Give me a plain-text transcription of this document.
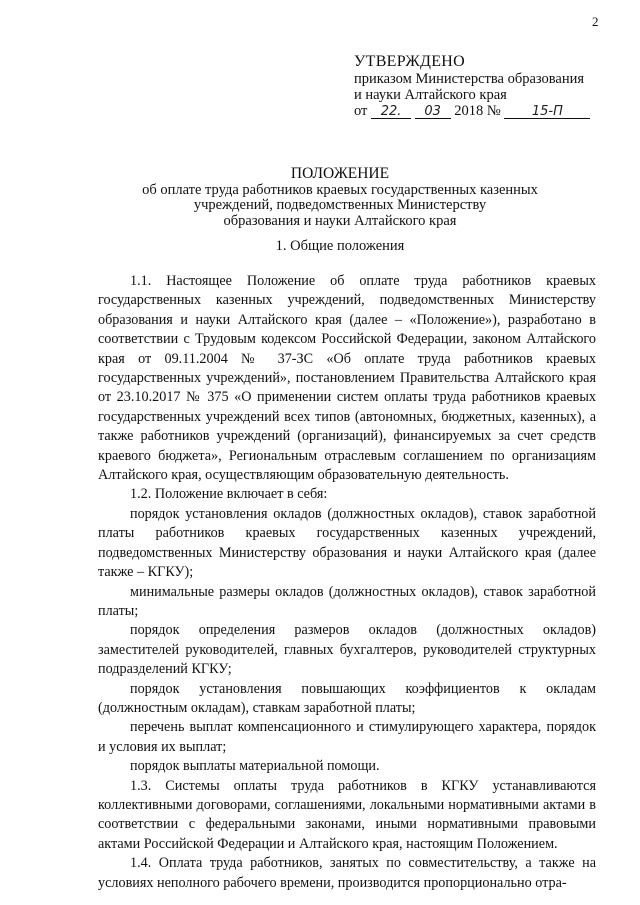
2
УТВЕРЖДЕНО
приказом Министерства образования
и науки Алтайского края
от 22. 03 2018 № 15-П
ПОЛОЖЕНИЕ
об оплате труда работников краевых государственных казенных
учреждений, подведомственных Министерству
образования и науки Алтайского края
1. Общие положения

1.1. Настоящее Положение об оплате труда работников краевых государственных казенных учреждений, подведомственных Министерству образования и науки Алтайского края (далее – «Положение»), разработано в соответствии с Трудовым кодексом Российской Федерации, законом Алтайского края от 09.11.2004 № 37-ЗС «Об оплате труда работников краевых государственных учреждений», постановлением Правительства Алтайского края от 23.10.2017 № 375 «О применении систем оплаты труда работников краевых государственных учреждений всех типов (автономных, бюджетных, казенных), а также работников учреждений (организаций), финансируемых за счет средств краевого бюджета», Региональным отраслевым соглашением по организациям Алтайского края, осуществляющим образовательную деятельность.

1.2. Положение включает в себя:

порядок установления окладов (должностных окладов), ставок заработной платы работников краевых государственных казенных учреждений, подведомственных Министерству образования и науки Алтайского края (далее также – КГКУ);

минимальные размеры окладов (должностных окладов), ставок заработной платы;

порядок определения размеров окладов (должностных окладов) заместителей руководителей, главных бухгалтеров, руководителей структурных подразделений КГКУ;

порядок установления повышающих коэффициентов к окладам (должностным окладам), ставкам заработной платы;

перечень выплат компенсационного и стимулирующего характера, порядок и условия их выплат;

порядок выплаты материальной помощи.

1.3. Системы оплаты труда работников в КГКУ устанавливаются коллективными договорами, соглашениями, локальными нормативными актами в соответствии с федеральными законами, иными нормативными правовыми актами Российской Федерации и Алтайского края, настоящим Положением.

1.4. Оплата труда работников, занятых по совместительству, а также на условиях неполного рабочего времени, производится пропорционально отра-
